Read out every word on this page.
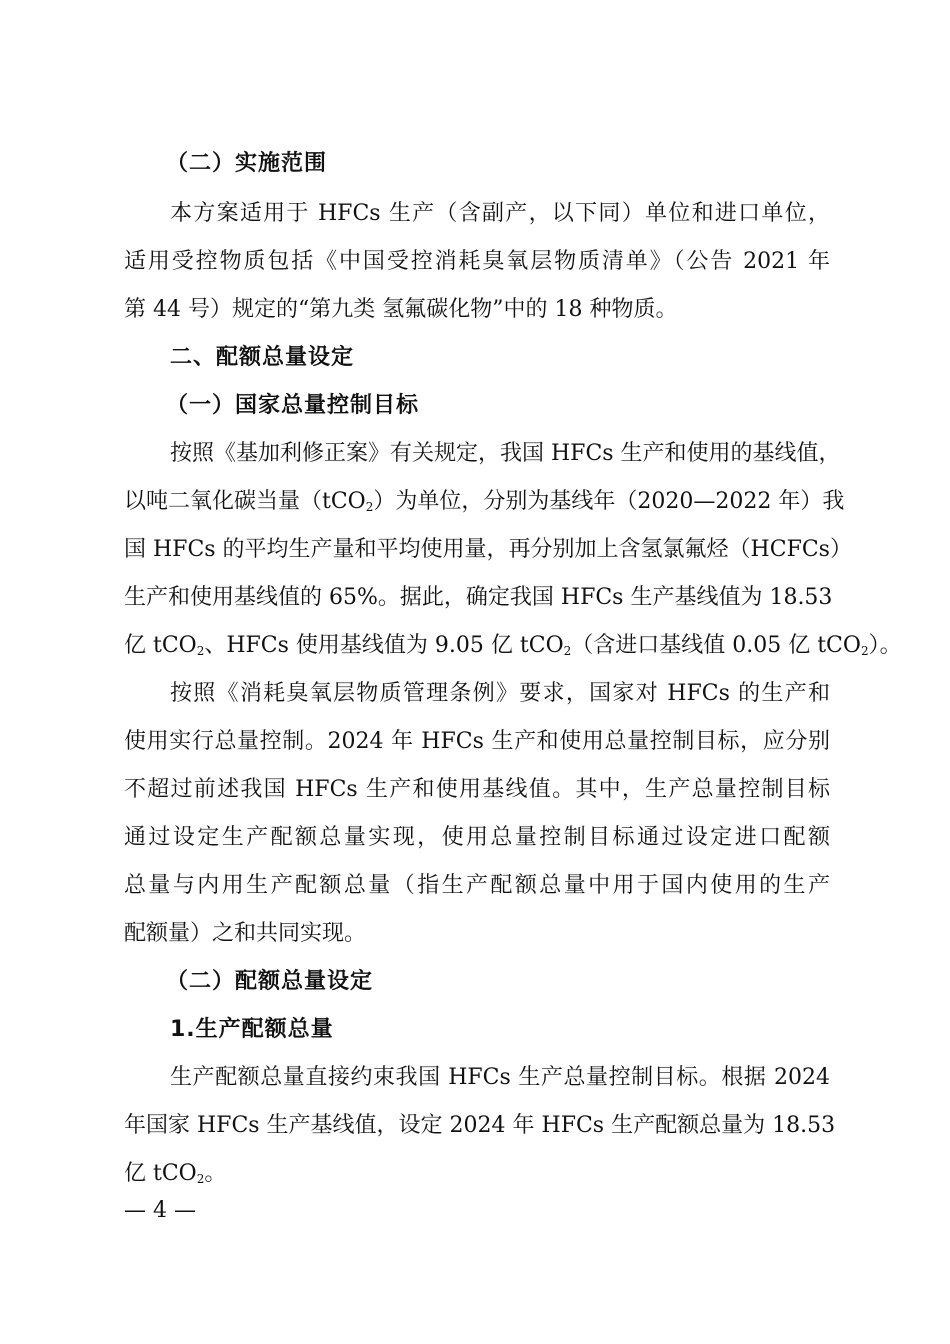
（二）实施范围
本方案适用于 HFCs 生产（含副产，以下同）单位和进口单位，
适用受控物质包括《中国受控消耗臭氧层物质清单》（公告 2021 年
第 44 号）规定的“第九类 氢氟碳化物”中的 18 种物质。
二、配额总量设定
（一）国家总量控制目标
按照《基加利修正案》有关规定，我国 HFCs 生产和使用的基线值，
以吨二氧化碳当量（tCO$_2$）为单位，分别为基线年（2020—2022 年）我
国 HFCs 的平均生产量和平均使用量，再分别加上含氢氯氟烃（HCFCs）
生产和使用基线值的 65%。据此，确定我国 HFCs 生产基线值为 18.53
亿 tCO$_2$、HFCs 使用基线值为 9.05 亿 tCO$_2$（含进口基线值 0.05 亿 tCO$_2$）。
按照《消耗臭氧层物质管理条例》要求，国家对 HFCs 的生产和
使用实行总量控制。2024 年 HFCs 生产和使用总量控制目标，应分别
不超过前述我国 HFCs 生产和使用基线值。其中，生产总量控制目标
通过设定生产配额总量实现，使用总量控制目标通过设定进口配额
总量与内用生产配额总量（指生产配额总量中用于国内使用的生产
配额量）之和共同实现。
（二）配额总量设定
1.生产配额总量
生产配额总量直接约束我国 HFCs 生产总量控制目标。根据 2024
年国家 HFCs 生产基线值，设定 2024 年 HFCs 生产配额总量为 18.53
亿 tCO$_2$。
— 4 —
